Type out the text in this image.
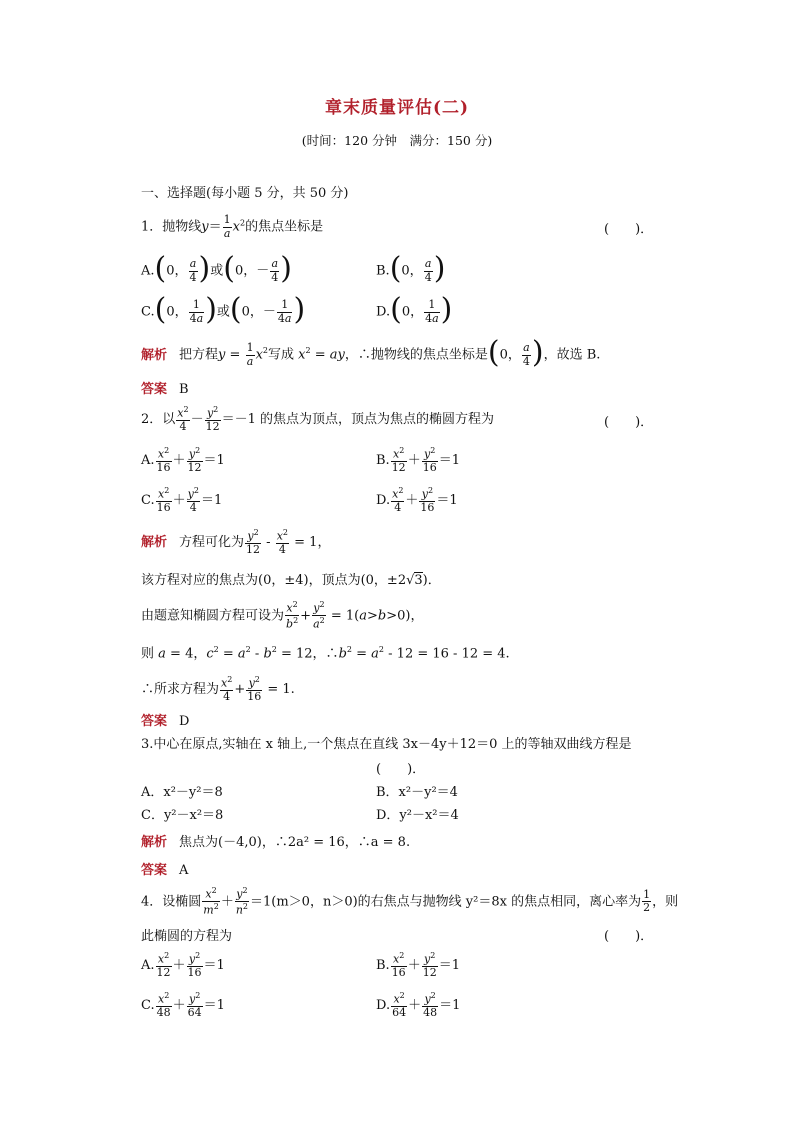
章末质量评估(二)
(时间：120 分钟　满分：150 分)
一、选择题(每小题 5 分，共 50 分)
1．抛物线$y= \frac{1}{a} x^2$的焦点坐标是	(　　)．
A.(0， $\frac{a}{4}$ )或(0，－ $\frac{a}{4}$ )	B.(0， $\frac{a}{4}$ )
C.(0， $\frac{1}{4a}$ )或(0，－ $\frac{1}{4a}$ )	D.(0， $\frac{1}{4a}$ )
解析 把方程$y = \frac{1}{a} x^2$写成 $x^2$ = ay，∴抛物线的焦点坐标是(0， $\frac{a}{4}$ )，故选 B.
答案 B
2．以 $\frac{x^2}{4} - \frac{y^2}{12} =-1$ 的焦点为顶点，顶点为焦点的椭圆方程为	(　　)．
A. $\frac{x^2}{16} + \frac{y^2}{12} =1$	B. $\frac{x^2}{12} + \frac{y^2}{16} =1$
C. $\frac{x^2}{16} + \frac{y^2}{4} =1$	D. $\frac{x^2}{4} + \frac{y^2}{16} =1$
解析 方程可化为 $\frac{y^2}{12} - \frac{x^2}{4} = 1$，
该方程对应的焦点为(0，±4)，顶点为(0，±2√3)．
由题意知椭圆方程可设为 $\frac{x^2}{b^2} + \frac{y^2}{a^2} = 1(a>b>0)$，
则 a = 4，$c^2 = a^2 - b^2 = 12$，$\therefore b^2 = a^2 - 12 = 16 - 12 = 4$.
∴所求方程为 $\frac{x^2}{4} + \frac{y^2}{16} = 1$.
答案 D
3.中心在原点,实轴在 x 轴上,一个焦点在直线 3x－4y＋12＝0 上的等轴双曲线方程是
(　　)．
A．x²－y²＝8	B．x²－y²＝4
C．y²－x²＝8	D．y²－x²＝4
解析 焦点为(－4,0)，∴2a² = 16，∴a = 8.
答案 A
4．设椭圆 $\frac{x^2}{m^2} + \frac{y^2}{n^2} =1(m>0$，n＞0)的右焦点与抛物线 y²＝8x 的焦点相同，离心率为 $\frac{1}{2}$ ，则
此椭圆的方程为	(　　)．
A. $\frac{x^2}{12} + \frac{y^2}{16} =1$	B. $\frac{x^2}{16} + \frac{y^2}{12} =1$
C. $\frac{x^2}{48} + \frac{y^2}{64} =1$	D. $\frac{x^2}{64} + \frac{y^2}{48} =1$
